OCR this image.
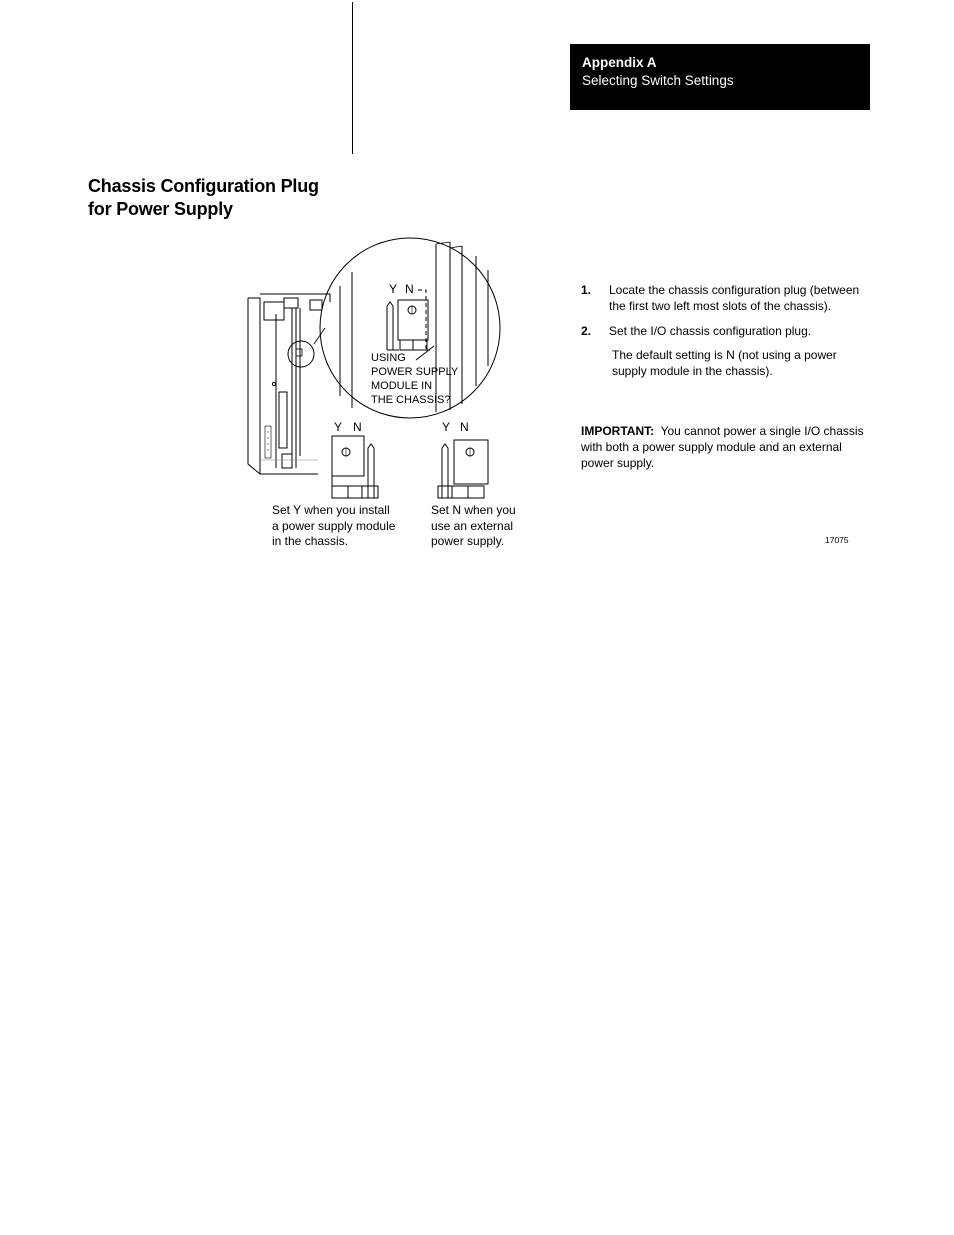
Appendix A
Selecting Switch Settings
Chassis Configuration Plug
for Power Supply
Y N
USING
POWER SUPPLY
MODULE IN
THE CHASSIS?
Y N	Y N
Set Y when you install
a power supply module
in the chassis.
Set N when you
use an external
power supply.
1. Locate the chassis configuration plug (between the first two left most slots of the chassis).
2. Set the I/O chassis configuration plug.
The default setting is N (not using a power supply module in the chassis).
IMPORTANT: You cannot power a single I/O chassis with both a power supply module and an external power supply.
17075
